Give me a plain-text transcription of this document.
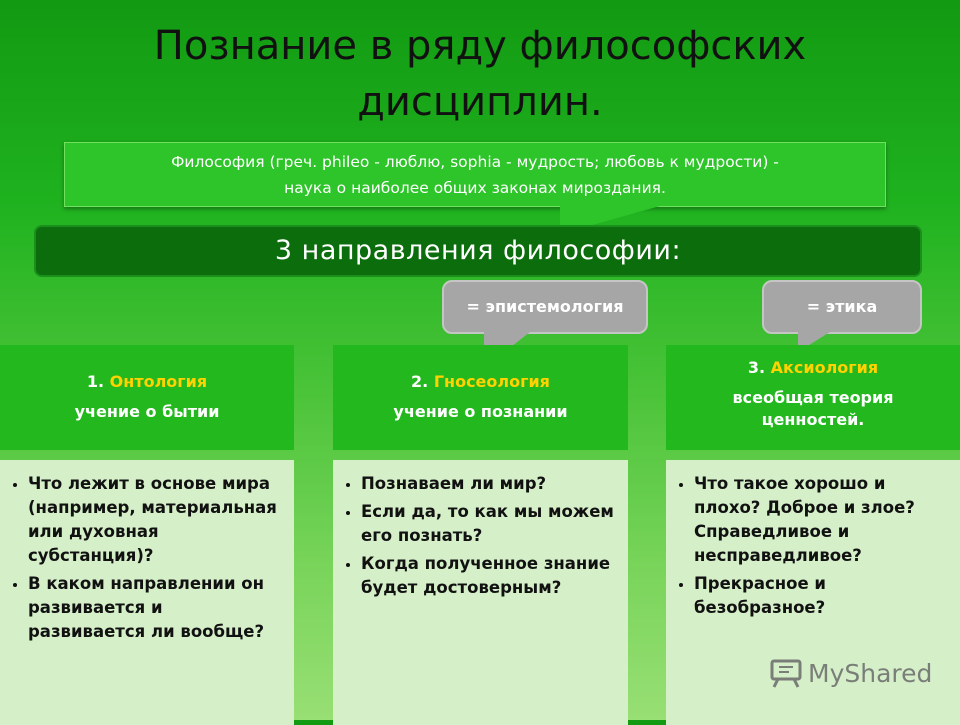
Познание в ряду философских
дисциплин.
Философия (греч. phileo - люблю, sophia - мудрость; любовь к мудрости) -
наука о наиболее общих законах мироздания.
3 направления философии:
= эпистемология	= этика
1. Онтология
учение о бытии
• Что лежит в основе мира (например, материальная или духовная субстанция)?
• В каком направлении он развивается и развивается ли вообще?
2. Гносеология
учение о познании
• Познаваем ли мир?
• Если да, то как мы можем его познать?
• Когда полученное знание будет достоверным?
3. Аксиология
всеобщая теория ценностей.
• Что такое хорошо и плохо? Доброе и злое? Справедливое и несправедливое?
• Прекрасное и безобразное?
MyShared
